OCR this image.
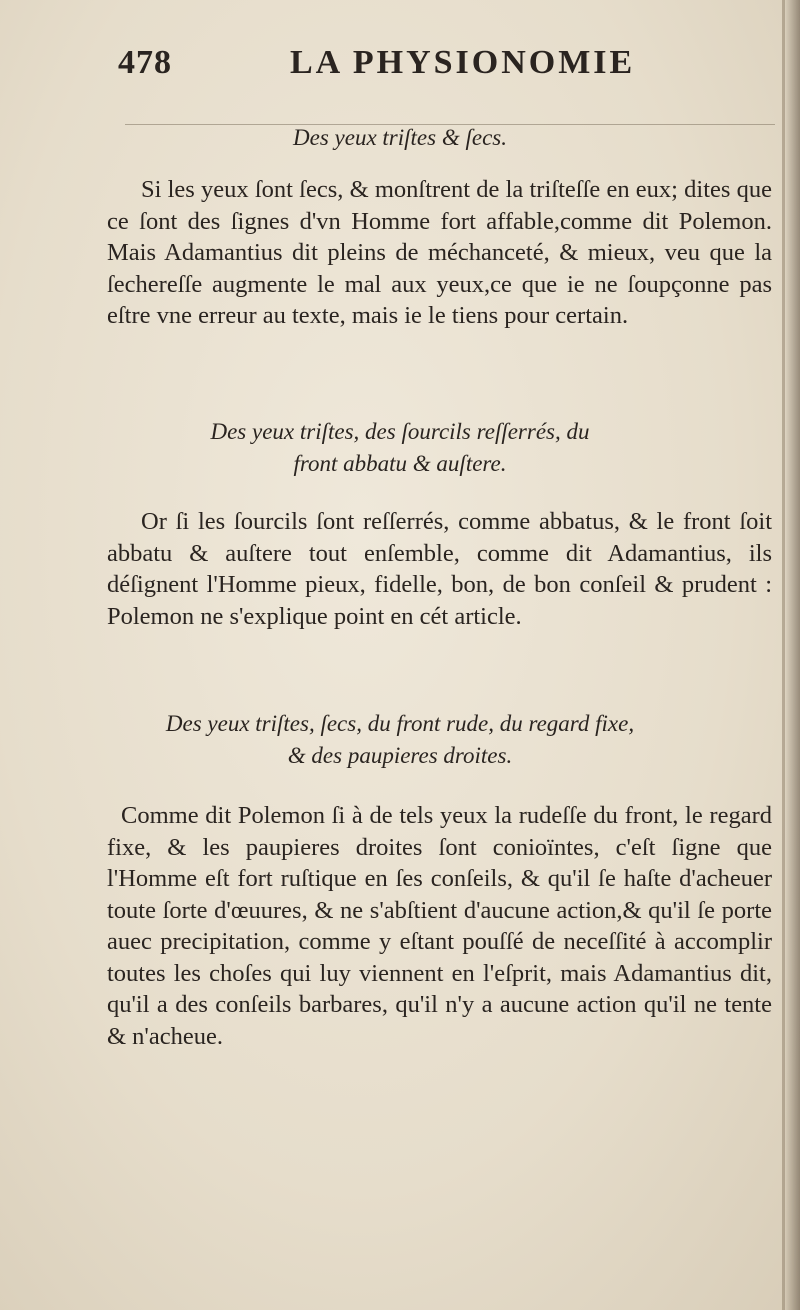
478	LA PHYSIONOMIE
Des yeux triſtes & ſecs.
Si les yeux ſont ſecs, & monſtrent de la triſteſſe en eux; dites que ce ſont des ſignes d'vn Homme fort affable,comme dit Polemon. Mais Adamantius dit pleins de méchanceté, & mieux, veu que la ſechereſſe augmente le mal aux yeux,ce que ie ne ſoupçonne pas eſtre vne erreur au texte, mais ie le tiens pour certain.
Des yeux triſtes, des ſourcils reſſerrés, du
front abbatu & auſtere.
Or ſi les ſourcils ſont reſſerrés, comme abbatus, & le front ſoit abbatu & auſtere tout enſemble, comme dit Adamantius, ils déſignent l'Homme pieux, fidelle, bon, de bon conſeil & prudent : Polemon ne s'explique point en cét article.
Des yeux triſtes, ſecs, du front rude, du regard fixe,
& des paupieres droites.
Comme dit Polemon ſi à de tels yeux la rudeſſe du front, le regard fixe, & les paupieres droites ſont conioïntes, c'eſt ſigne que l'Homme eſt fort ruſtique en ſes conſeils, & qu'il ſe haſte d'acheuer toute ſorte d'œuures, & ne s'abſtient d'aucune action,& qu'il ſe porte auec precipitation, comme y eſtant pouſſé de neceſſité à accomplir toutes les choſes qui luy viennent en l'eſprit, mais Adamantius dit, qu'il a des conſeils barbares, qu'il n'y a aucune action qu'il ne tente & n'acheue.
